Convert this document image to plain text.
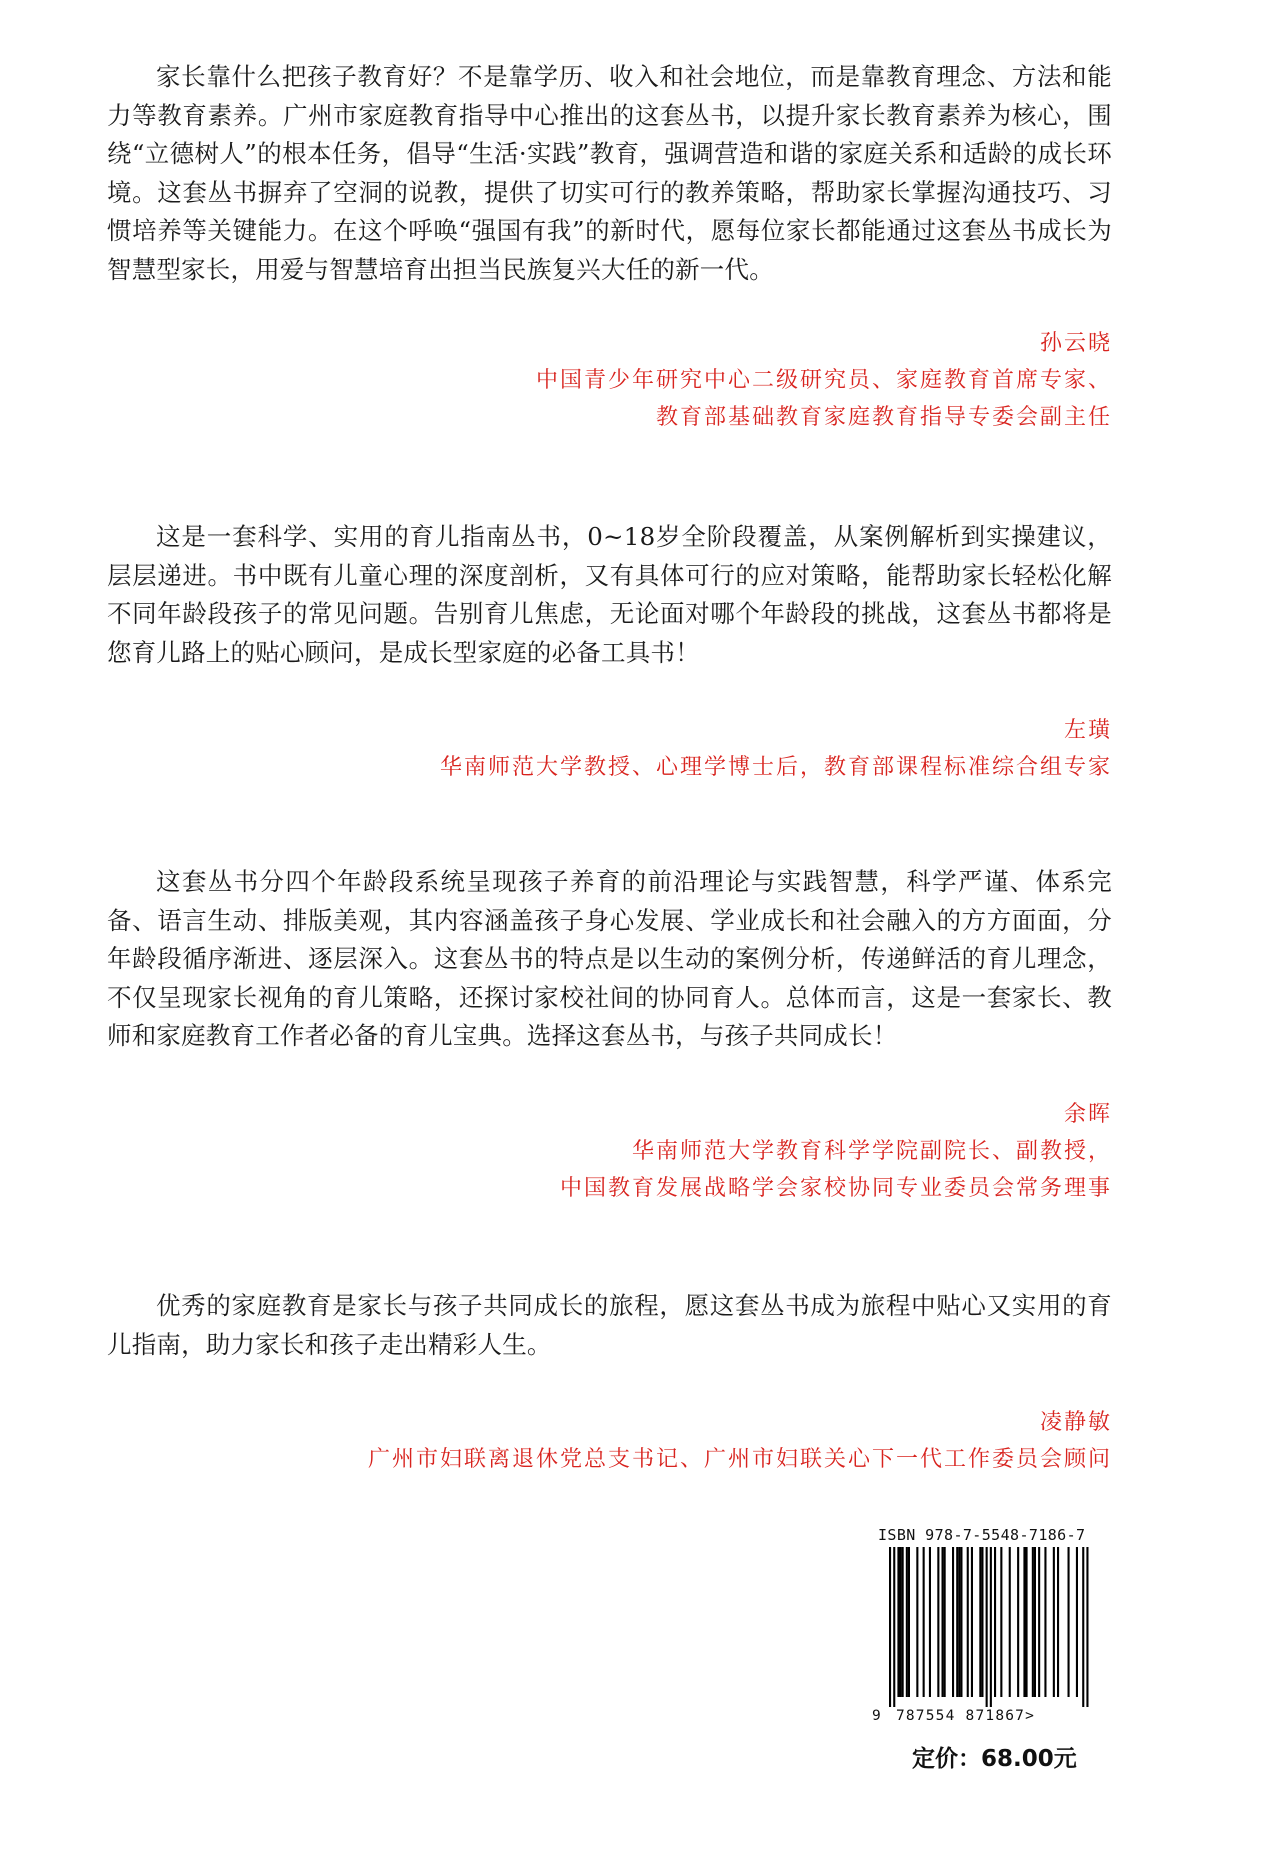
家长靠什么把孩子教育好？不是靠学历、收入和社会地位，而是靠教育理念、方法和能力等教育素养。广州市家庭教育指导中心推出的这套丛书，以提升家长教育素养为核心，围绕“立德树人”的根本任务，倡导“生活·实践”教育，强调营造和谐的家庭关系和适龄的成长环境。这套丛书摒弃了空洞的说教，提供了切实可行的教养策略，帮助家长掌握沟通技巧、习惯培养等关键能力。在这个呼唤“强国有我”的新时代，愿每位家长都能通过这套丛书成长为智慧型家长，用爱与智慧培育出担当民族复兴大任的新一代。

孙云晓
中国青少年研究中心二级研究员、家庭教育首席专家、
教育部基础教育家庭教育指导专委会副主任

这是一套科学、实用的育儿指南丛书，0~18岁全阶段覆盖，从案例解析到实操建议，层层递进。书中既有儿童心理的深度剖析，又有具体可行的应对策略，能帮助家长轻松化解不同年龄段孩子的常见问题。告别育儿焦虑，无论面对哪个年龄段的挑战，这套丛书都将是您育儿路上的贴心顾问，是成长型家庭的必备工具书！

左璜
华南师范大学教授、心理学博士后，教育部课程标准综合组专家

这套丛书分四个年龄段系统呈现孩子养育的前沿理论与实践智慧，科学严谨、体系完备、语言生动、排版美观，其内容涵盖孩子身心发展、学业成长和社会融入的方方面面，分年龄段循序渐进、逐层深入。这套丛书的特点是以生动的案例分析，传递鲜活的育儿理念，不仅呈现家长视角的育儿策略，还探讨家校社间的协同育人。总体而言，这是一套家长、教师和家庭教育工作者必备的育儿宝典。选择这套丛书，与孩子共同成长！

余晖
华南师范大学教育科学学院副院长、副教授，
中国教育发展战略学会家校协同专业委员会常务理事

优秀的家庭教育是家长与孩子共同成长的旅程，愿这套丛书成为旅程中贴心又实用的育儿指南，助力家长和孩子走出精彩人生。

凌静敏
广州市妇联离退休党总支书记、广州市妇联关心下一代工作委员会顾问
ISBN 978-7-5548-7186-7
9 787554 871867>
定价：68.00元
